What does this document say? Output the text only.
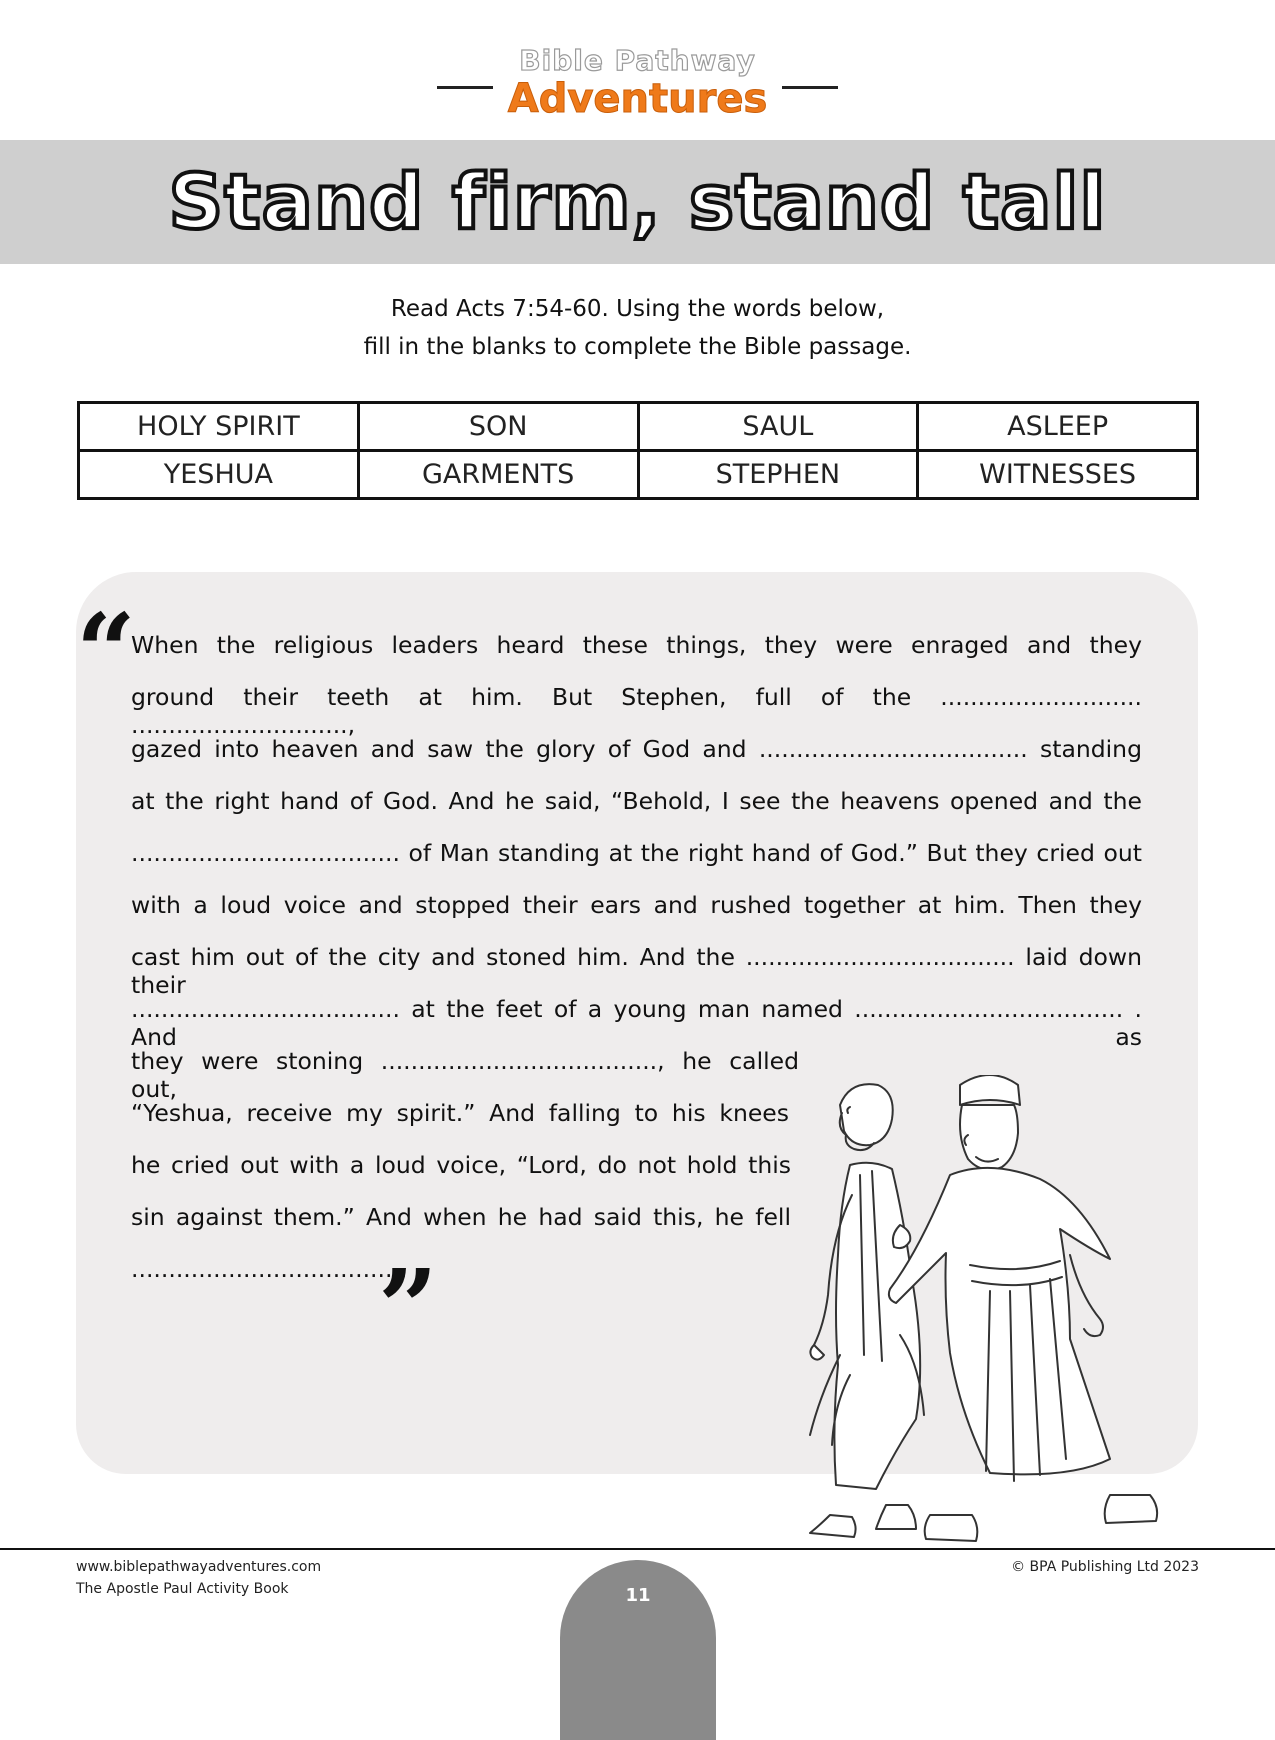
Bible Pathway
Adventures
Stand firm, stand tall
Read Acts 7:54-60. Using the words below,
fill in the blanks to complete the Bible passage.
HOLY SPIRIT	SON	SAUL	ASLEEP
YESHUA	GARMENTS	STEPHEN	WITNESSES
“
When the religious leaders heard these things, they were enraged and they
ground their teeth at him. But Stephen, full of the ........................... .............................,
gazed into heaven and saw the glory of God and .................................... standing
at the right hand of God. And he said, “Behold, I see the heavens opened and the
.................................... of Man standing at the right hand of God.” But they cried out
with a loud voice and stopped their ears and rushed together at him. Then they
cast him out of the city and stoned him. And the .................................... laid down their
.................................... at the feet of a young man named .................................... . And as
they were stoning ....................................., he called out,
“Yeshua, receive my spirit.” And falling to his knees
he cried out with a loud voice, “Lord, do not hold this
sin against them.” And when he had said this, he fell
..................................... .
”
www.biblepathwayadventures.com
The Apostle Paul Activity Book
© BPA Publishing Ltd 2023
11
